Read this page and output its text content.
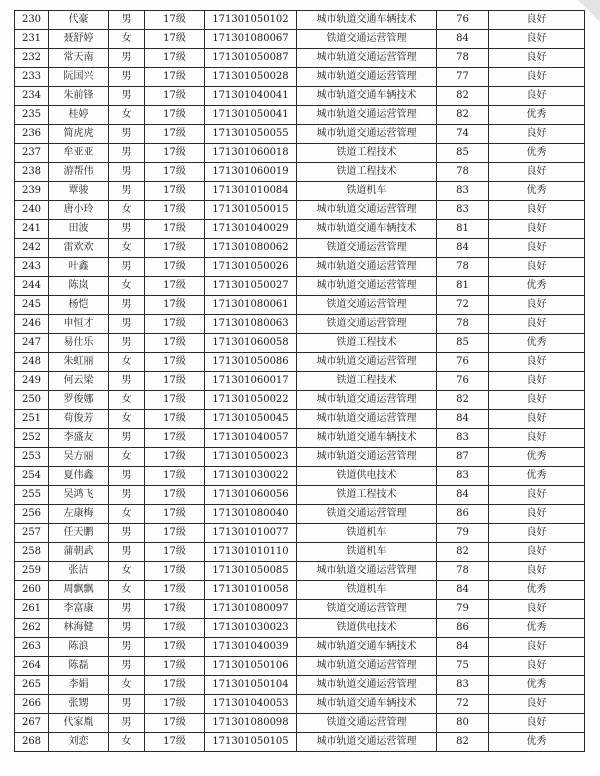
230	代豪	男	17级	171301050102	城市轨道交通车辆技术	76	良好
231	聂舒婷	女	17级	171301080067	铁道交通运营管理	84	良好
232	常天南	男	17级	171301050087	城市轨道交通运营管理	78	良好
233	阮国兴	男	17级	171301050028	城市轨道交通运营管理	77	良好
234	朱前锋	男	17级	171301040041	城市轨道交通车辆技术	82	良好
235	桂婷	女	17级	171301050041	城市轨道交通运营管理	82	优秀
236	简虎虎	男	17级	171301050055	城市轨道交通运营管理	74	良好
237	牟亚亚	男	17级	171301060018	铁道工程技术	85	优秀
238	游帮伟	男	17级	171301060019	铁道工程技术	78	良好
239	覃骏	男	17级	171301010084	铁道机车	83	优秀
240	唐小玲	女	17级	171301050015	城市轨道交通运营管理	83	良好
241	田波	男	17级	171301040029	城市轨道交通车辆技术	81	良好
242	雷欢欢	女	17级	171301080062	铁道交通运营管理	84	良好
243	叶鑫	男	17级	171301050026	城市轨道交通运营管理	78	良好
244	陈岚	女	17级	171301050027	城市轨道交通运营管理	81	优秀
245	杨恺	男	17级	171301080061	铁道交通运营管理	72	良好
246	申恒才	男	17级	171301080063	铁道交通运营管理	78	良好
247	易仕乐	男	17级	171301060058	铁道工程技术	85	优秀
248	朱虹丽	女	17级	171301050086	城市轨道交通运营管理	76	良好
249	何云梁	男	17级	171301060017	铁道工程技术	76	良好
250	罗俊娜	女	17级	171301050022	城市轨道交通运营管理	82	良好
251	苟俊芳	女	17级	171301050045	城市轨道交通运营管理	84	良好
252	李盛友	男	17级	171301040057	城市轨道交通车辆技术	83	良好
253	吴方丽	女	17级	171301050023	城市轨道交通运营管理	87	优秀
254	夏伟鑫	男	17级	171301030022	铁道供电技术	83	优秀
255	吴鸿飞	男	17级	171301060056	铁道工程技术	84	良好
256	左康梅	女	17级	171301080040	铁道交通运营管理	86	良好
257	任天鹏	男	17级	171301010077	铁道机车	79	良好
258	蒲朝武	男	17级	171301010110	铁道机车	82	良好
259	张洁	女	17级	171301050085	城市轨道交通运营管理	78	良好
260	周飘飘	女	17级	171301010058	铁道机车	84	优秀
261	李富康	男	17级	171301080097	铁道交通运营管理	79	良好
262	林海健	男	17级	171301030023	铁道供电技术	86	优秀
263	陈浪	男	17级	171301040039	城市轨道交通车辆技术	84	良好
264	陈磊	男	17级	171301050106	城市轨道交通运营管理	75	良好
265	李娟	女	17级	171301050104	城市轨道交通运营管理	83	优秀
266	张甥	男	17级	171301040053	城市轨道交通车辆技术	72	良好
267	代家胤	男	17级	171301080098	铁道交通运营管理	80	良好
268	刘恋	女	17级	171301050105	城市轨道交通运营管理	82	优秀
